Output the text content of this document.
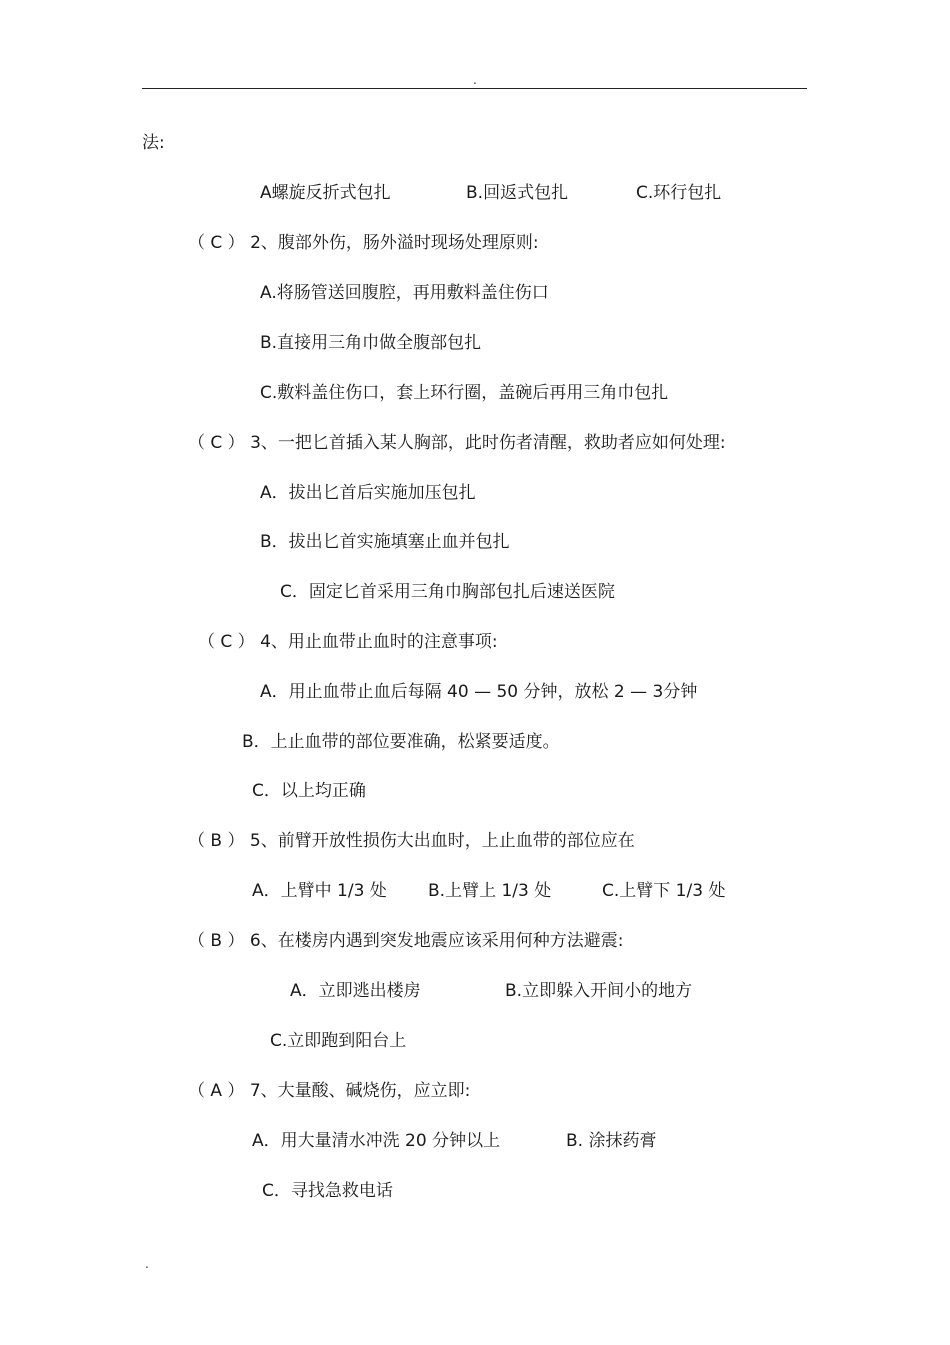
.
法:
A螺旋反折式包扎	B.回返式包扎	C.环行包扎
（ C ） 2、腹部外伤，肠外溢时现场处理原则:
A.将肠管送回腹腔，再用敷料盖住伤口
B.直接用三角巾做全腹部包扎
C.敷料盖住伤口，套上环行圈，盖碗后再用三角巾包扎
（ C ） 3、一把匕首插入某人胸部，此时伤者清醒，救助者应如何处理:
A．拔出匕首后实施加压包扎
B．拔出匕首实施填塞止血并包扎
C．固定匕首采用三角巾胸部包扎后速送医院
（ C ） 4、用止血带止血时的注意事项:
A．用止血带止血后每隔 40 — 50 分钟，放松 2 — 3分钟
B．上止血带的部位要准确，松紧要适度。
C．以上均正确
（ B ） 5、前臂开放性损伤大出血时，上止血带的部位应在
A．上臂中 1/3 处 B.上臂上 1/3 处	C.上臂下 1/3 处
（ B ） 6、在楼房内遇到突发地震应该采用何种方法避震:
A．立即逃出楼房	B.立即躲入开间小的地方
C.立即跑到阳台上
（ A ） 7、大量酸、碱烧伤，应立即:
A．用大量清水冲洗 20 分钟以上	B. 涂抹药膏
C．寻找急救电话
.
